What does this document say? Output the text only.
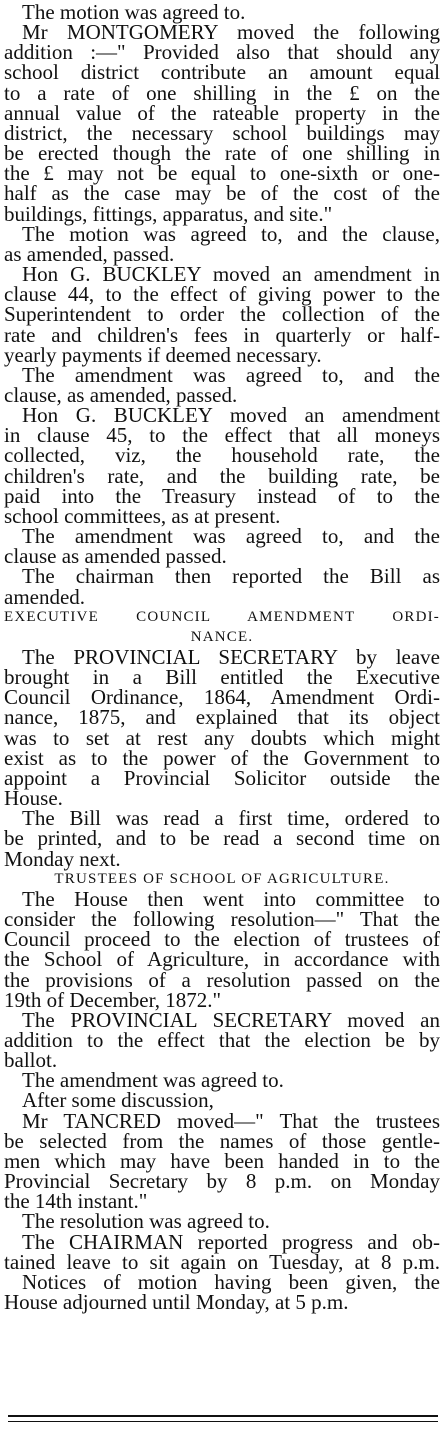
The motion was agreed to.
Mr MONTGOMERY moved the following
addition :—" Provided also that should any
school district contribute an amount equal
to a rate of one shilling in the £ on the
annual value of the rateable property in the
district, the necessary school buildings may
be erected though the rate of one shilling in
the £ may not be equal to one-sixth or one-
half as the case may be of the cost of the
buildings, fittings, apparatus, and site."
The motion was agreed to, and the clause,
as amended, passed.
Hon G. BUCKLEY moved an amendment in
clause 44, to the effect of giving power to the
Superintendent to order the collection of the
rate and children's fees in quarterly or half-
yearly payments if deemed necessary.
The amendment was agreed to, and the
clause, as amended, passed.
Hon G. BUCKLEY moved an amendment
in clause 45, to the effect that all moneys
collected, viz, the household rate, the
children's rate, and the building rate, be
paid into the Treasury instead of to the
school committees, as at present.
The amendment was agreed to, and the
clause as amended passed.
The chairman then reported the Bill as
amended.
EXECUTIVE COUNCIL AMENDMENT ORDI-
NANCE.
The PROVINCIAL SECRETARY by leave
brought in a Bill entitled the Executive
Council Ordinance, 1864, Amendment Ordi-
nance, 1875, and explained that its object
was to set at rest any doubts which might
exist as to the power of the Government to
appoint a Provincial Solicitor outside the
House.
The Bill was read a first time, ordered to
be printed, and to be read a second time on
Monday next.
TRUSTEES OF SCHOOL OF AGRICULTURE.
The House then went into committee to
consider the following resolution—" That the
Council proceed to the election of trustees of
the School of Agriculture, in accordance with
the provisions of a resolution passed on the
19th of December, 1872."
The PROVINCIAL SECRETARY moved an
addition to the effect that the election be by
ballot.
The amendment was agreed to.
After some discussion,
Mr TANCRED moved—" That the trustees
be selected from the names of those gentle-
men which may have been handed in to the
Provincial Secretary by 8 p.m. on Monday
the 14th instant."
The resolution was agreed to.
The CHAIRMAN reported progress and ob-
tained leave to sit again on Tuesday, at 8 p.m.
Notices of motion having been given, the
House adjourned until Monday, at 5 p.m.
